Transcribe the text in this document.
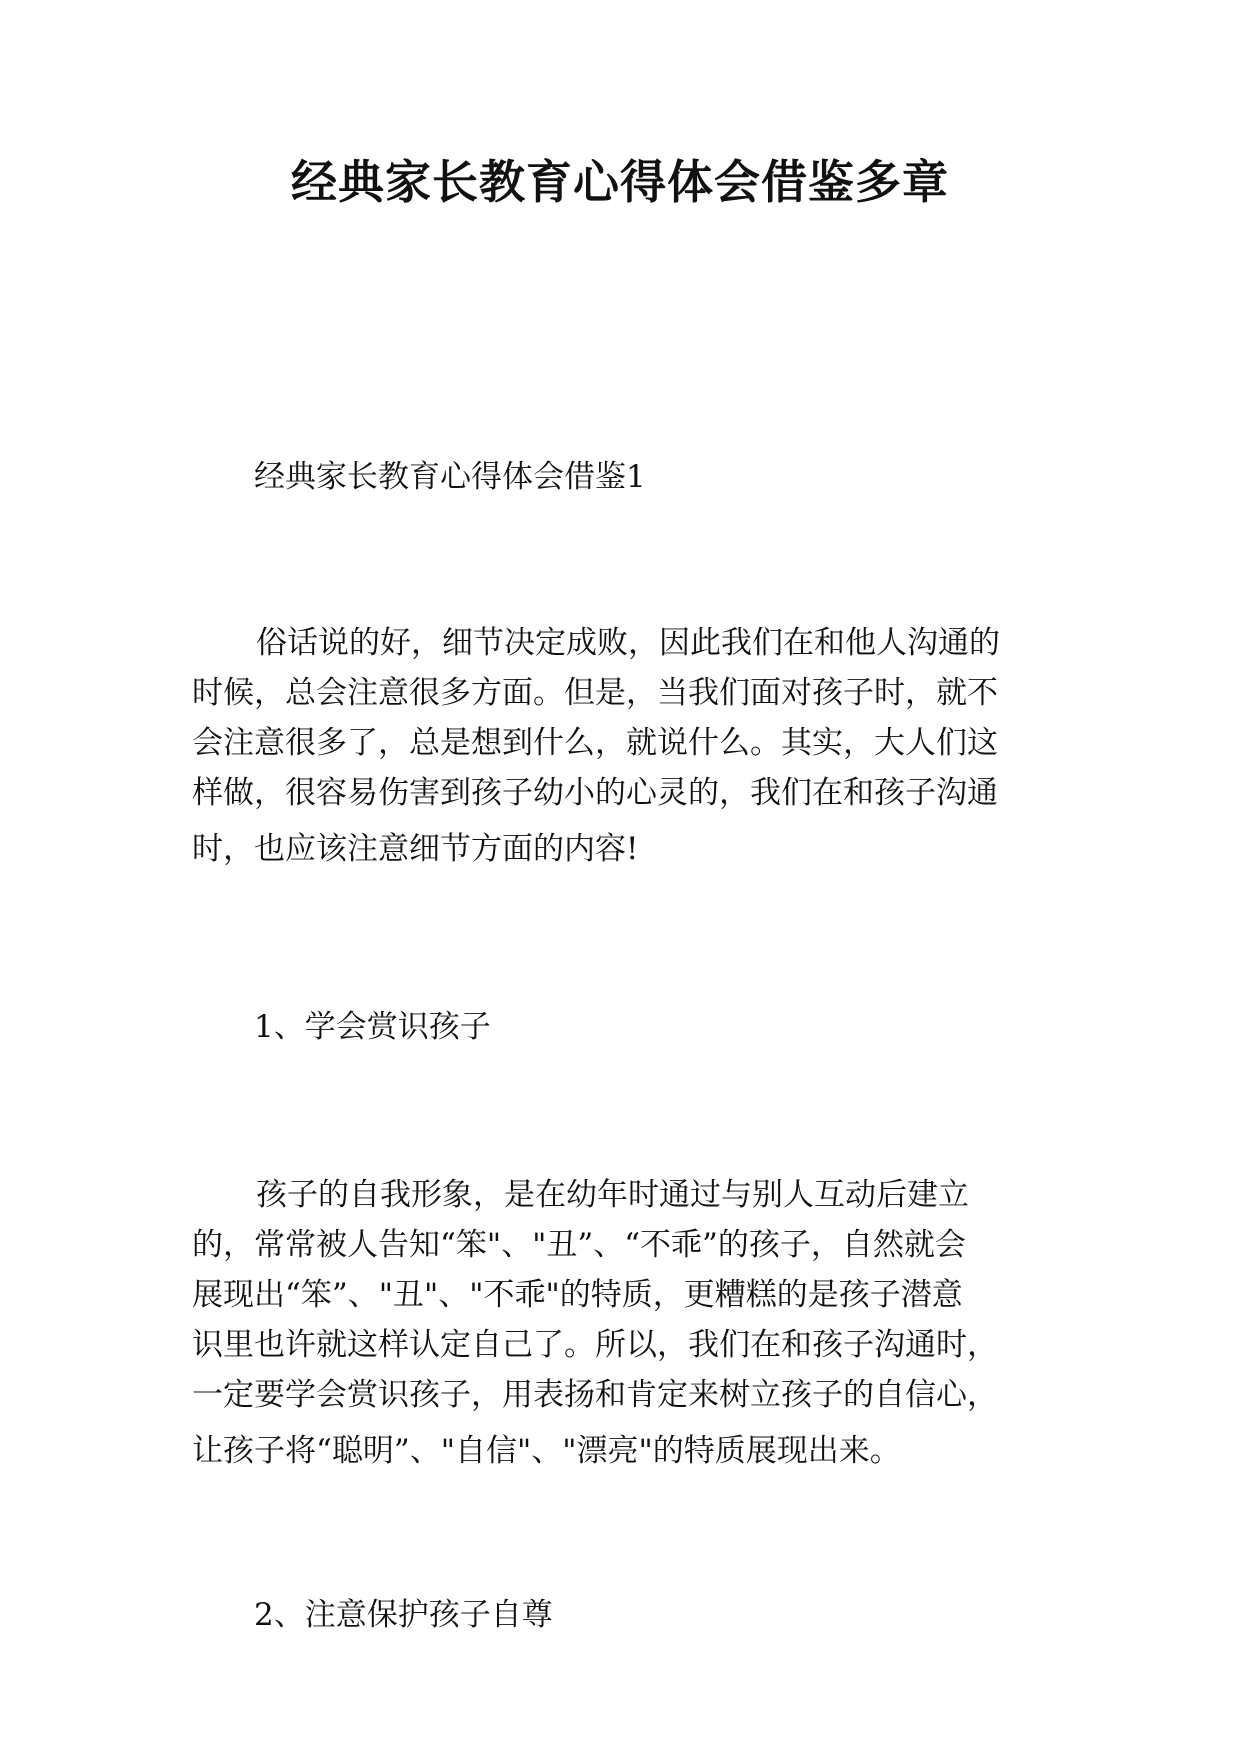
经典家长教育心得体会借鉴多章

经典家长教育心得体会借鉴1

俗话说的好，细节决定成败，因此我们在和他人沟通的
时候，总会注意很多方面。但是，当我们面对孩子时，就不
会注意很多了，总是想到什么，就说什么。其实，大人们这
样做，很容易伤害到孩子幼小的心灵的，我们在和孩子沟通
时，也应该注意细节方面的内容!

1、学会赏识孩子

孩子的自我形象，是在幼年时通过与别人互动后建立
的，常常被人告知“笨"、"丑”、“不乖”的孩子，自然就会
展现出“笨”、"丑"、"不乖"的特质，更糟糕的是孩子潜意
识里也许就这样认定自己了。所以，我们在和孩子沟通时，
一定要学会赏识孩子，用表扬和肯定来树立孩子的自信心，
让孩子将“聪明”、"自信"、"漂亮"的特质展现出来。

2、注意保护孩子自尊
